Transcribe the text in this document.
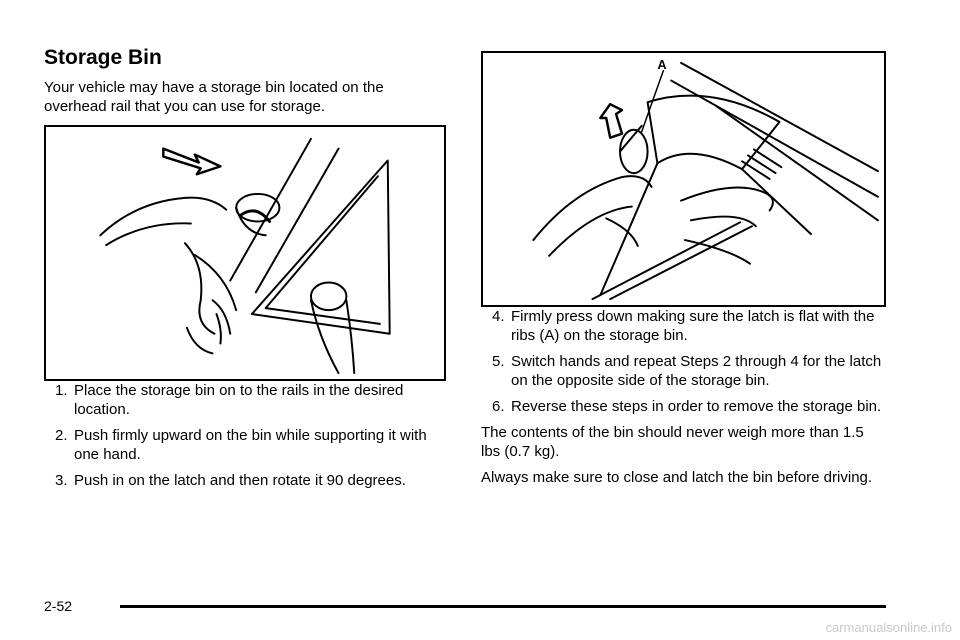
Storage Bin

Your vehicle may have a storage bin located on the overhead rail that you can use for storage.

1. Place the storage bin on to the rails in the desired location.
2. Push firmly upward on the bin while supporting it with one hand.
3. Push in on the latch and then rotate it 90 degrees.
A
4. Firmly press down making sure the latch is flat with the ribs (A) on the storage bin.
5. Switch hands and repeat Steps 2 through 4 for the latch on the opposite side of the storage bin.
6. Reverse these steps in order to remove the storage bin.

The contents of the bin should never weigh more than 1.5 lbs (0.7 kg).

Always make sure to close and latch the bin before driving.

2-52
carmanualsonline.info
